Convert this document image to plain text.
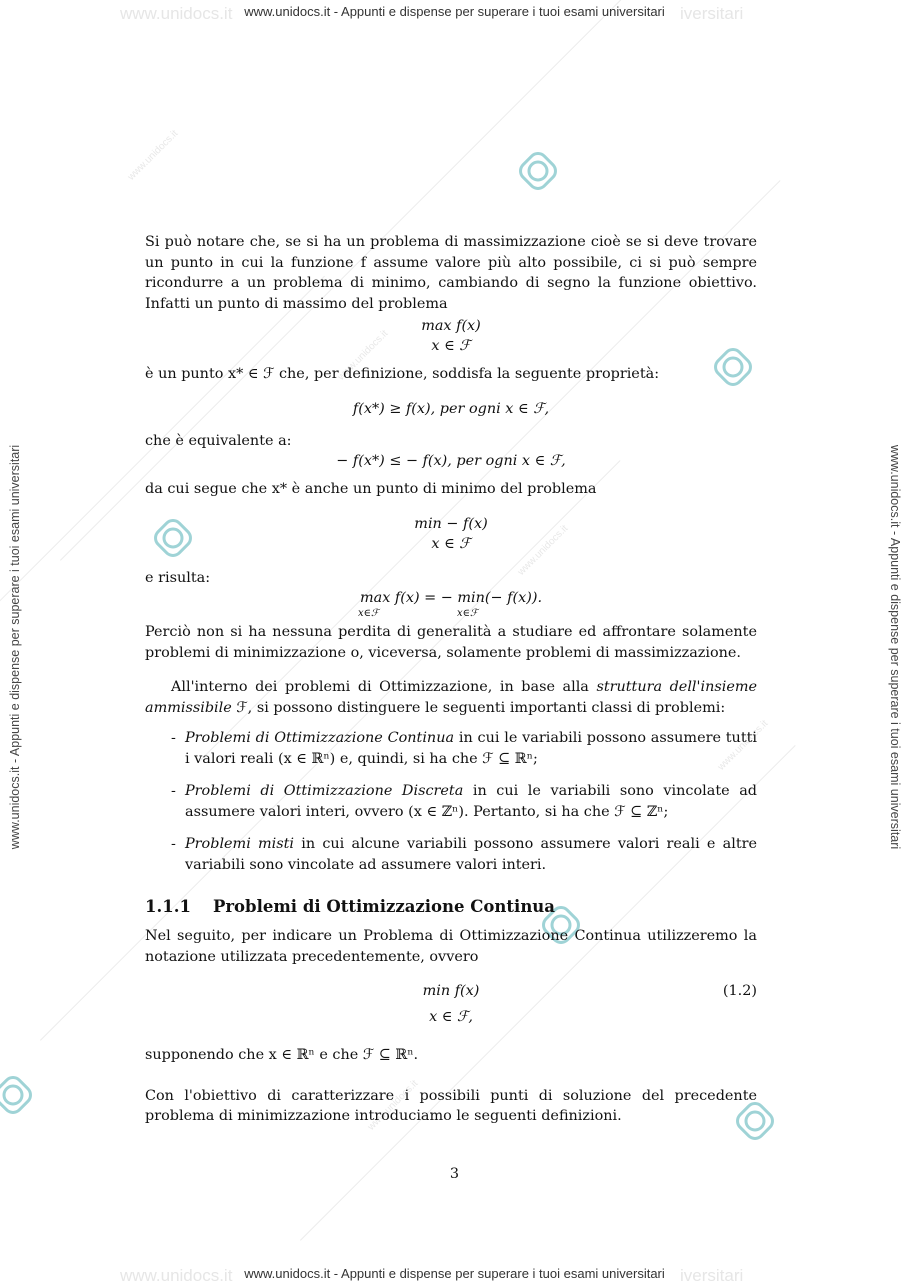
www.unidocs.it	iversitari
www.unidocs.it	iversitari
www.unidocs.it
www.unidocs.it
www.unidocs.it
www.unidocs.it
www.unidocs.it
www.unidocs.it - Appunti e dispense per superare i tuoi esami universitari
www.unidocs.it - Appunti e dispense per superare i tuoi esami universitari
www.unidocs.it - Appunti e dispense per superare i tuoi esami universitari	www.unidocs.it - Appunti e dispense per superare i tuoi esami universitari

Si può notare che, se si ha un problema di massimizzazione cioè se si deve trovare un punto in cui la funzione f assume valore più alto possibile, ci si può sempre ricondurre a un problema di minimo, cambiando di segno la funzione obiettivo. Infatti un punto di massimo del problema

max f(x)
x ∈ ℱ

è un punto x* ∈ ℱ che, per definizione, soddisfa la seguente proprietà:

f(x*) ≥ f(x), per ogni x ∈ ℱ,

che è equivalente a:

− f(x*) ≤ − f(x), per ogni x ∈ ℱ,

da cui segue che x* è anche un punto di minimo del problema

min − f(x)
x ∈ ℱ

e risulta:

max f(x) = − min(− f(x)).
x∈ℱ	x∈ℱ

Perciò non si ha nessuna perdita di generalità a studiare ed affrontare solamente problemi di minimizzazione o, viceversa, solamente problemi di massimizzazione.

All'interno dei problemi di Ottimizzazione, in base alla struttura dell'insieme ammissibile ℱ, si possono distinguere le seguenti importanti classi di problemi:

- Problemi di Ottimizzazione Continua in cui le variabili possono assumere tutti i valori reali (x ∈ ℝⁿ) e, quindi, si ha che ℱ ⊆ ℝⁿ;
- Problemi di Ottimizzazione Discreta in cui le variabili sono vincolate ad assumere valori interi, ovvero (x ∈ ℤⁿ). Pertanto, si ha che ℱ ⊆ ℤⁿ;
- Problemi misti in cui alcune variabili possono assumere valori reali e altre variabili sono vincolate ad assumere valori interi.
1.1.1 Problemi di Ottimizzazione Continua

Nel seguito, per indicare un Problema di Ottimizzazione Continua utilizzeremo la notazione utilizzata precedentemente, ovvero

min f(x)	(1.2)
x ∈ ℱ,

supponendo che x ∈ ℝⁿ e che ℱ ⊆ ℝⁿ.

Con l'obiettivo di caratterizzare i possibili punti di soluzione del precedente problema di minimizzazione introduciamo le seguenti definizioni.

3
